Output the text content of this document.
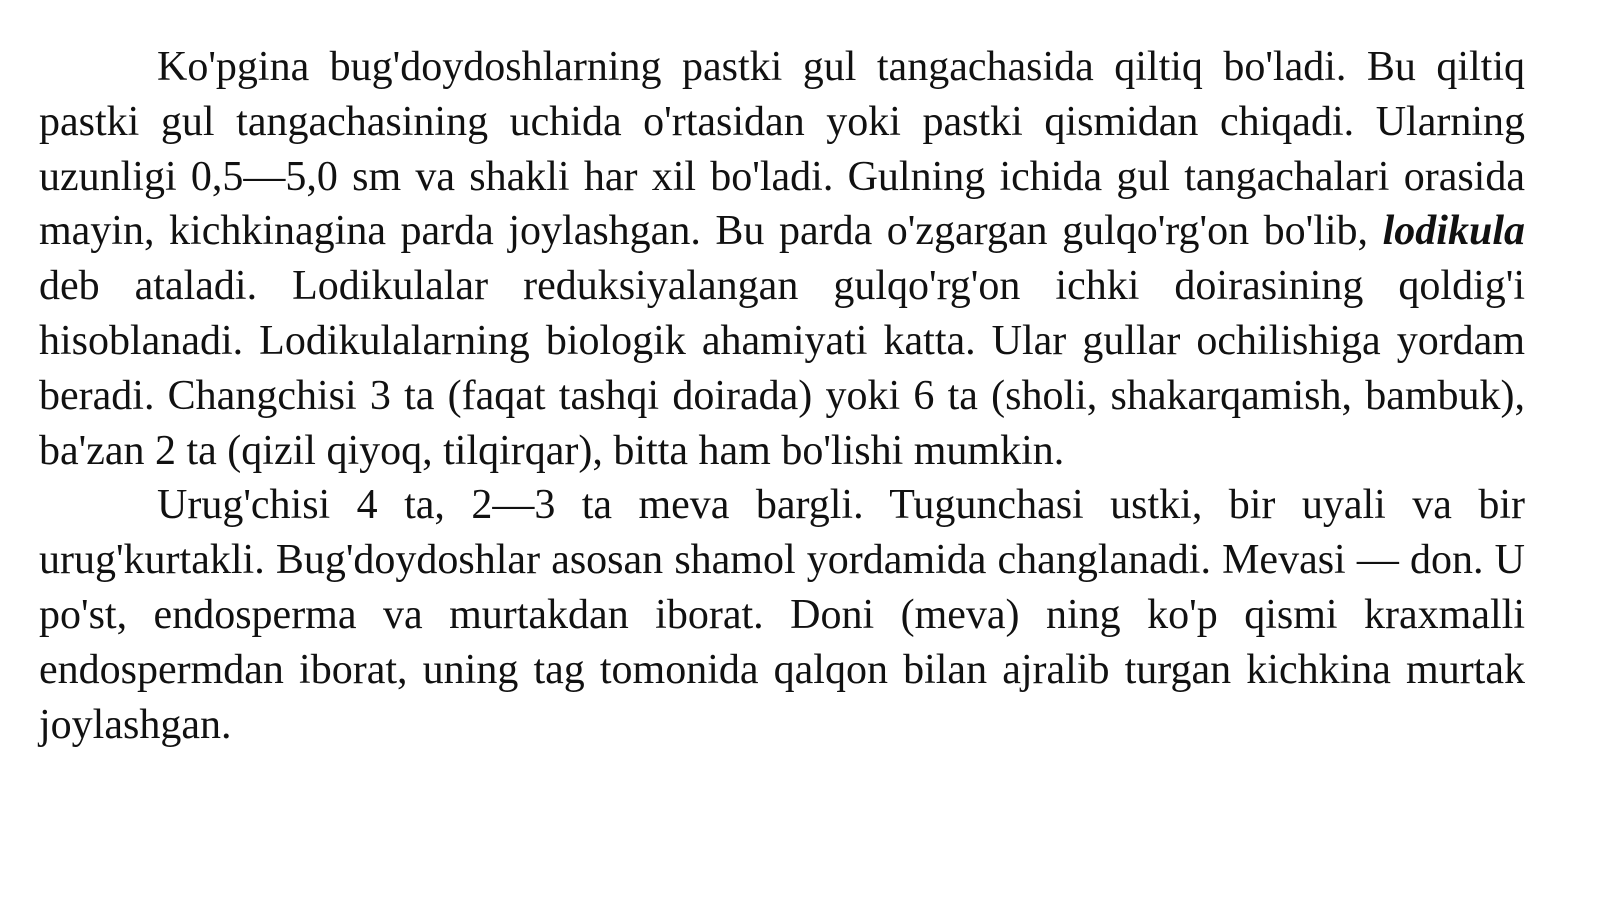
Ko'pgina bug'doydoshlarning pastki gul tangachasida qiltiq bo'ladi. Bu qiltiq pastki gul tangachasining uchida o'rtasidan yoki pastki qismidan chiqadi. Ularning uzunligi 0,5—5,0 sm va shakli har xil bo'ladi. Gulning ichida gul tangachalari orasida mayin, kichkinagina parda joylashgan. Bu parda o'zgargan gulqo'rg'on bo'lib, lodikula deb ataladi. Lodikulalar reduksiyalangan gulqo'rg'on ichki doirasining qoldig'i hisoblanadi. Lodikulalarning biologik ahamiyati katta. Ular gullar ochilishiga yordam beradi. Changchisi 3 ta (faqat tashqi doirada) yoki 6 ta (sholi, shakarqamish, bambuk), ba'zan 2 ta (qizil qiyoq, tilqirqar), bitta ham bo'lishi mumkin.

Urug'chisi 4 ta, 2—3 ta meva bargli. Tugunchasi ustki, bir uyali va bir urug'kurtakli. Bug'doydoshlar asosan shamol yordamida changlanadi. Mevasi — don. U po'st, endosperma va murtakdan iborat. Doni (meva) ning ko'p qismi kraxmalli endospermdan iborat, uning tag tomonida qalqon bilan ajralib turgan kichkina murtak joylashgan.
